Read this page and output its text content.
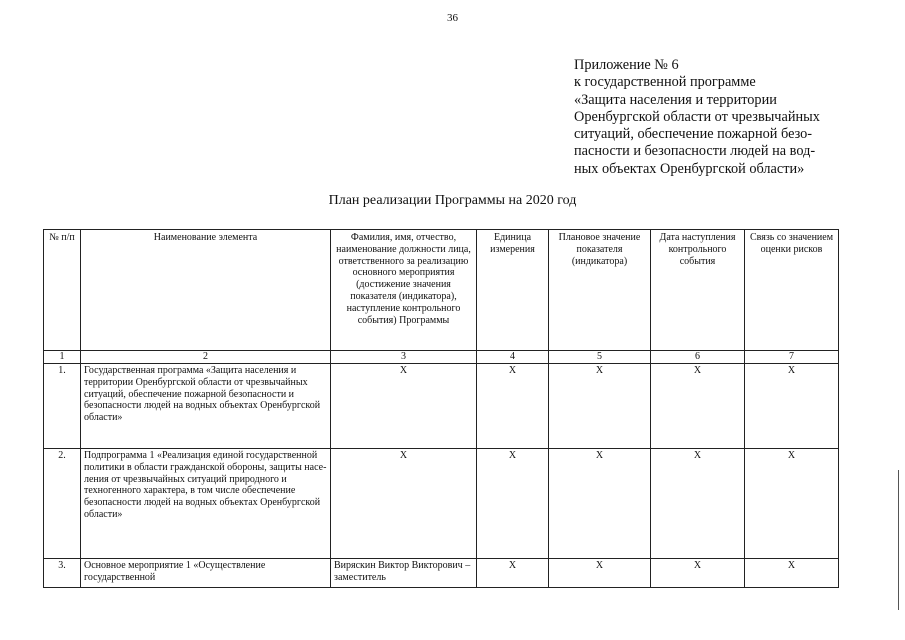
36
Приложение № 6
к государственной программе
«Защита населения и территории
Оренбургской области от чрезвычайных
ситуаций, обеспечение пожарной безо-
пасности и безопасности людей на вод-
ных объектах Оренбургской области»
План реализации Программы на 2020 год
№ п/п	Наименование элемента	Фамилия, имя, отчество, наименование должности лица, ответственного за реализацию основного мероприятия (достижение значения показателя (индикатора), наступление контрольного события) Программы	Единица измерения	Плановое значение показателя (индикатора)	Дата наступления контрольного события	Связь со значением оценки рисков
1	2	3	4	5	6	7
1.	Государственная программа «Защита населения и территории Оренбургской области от чрезвычайных ситуаций, обеспечение пожарной безопасности и безопасности людей на водных объектах Оренбургской области»	X	X	X	X	X
2.	Подпрограмма 1 «Реализация единой государственной политики в области гражданской обороны, защиты населения от чрезвычайных ситуаций природного и техногенного характера, в том числе обеспечение безопасности людей на водных объектах Оренбургской области»	X	X	X	X	X
3.	Основное мероприятие 1 «Осуществление государственной	Виряскин Виктор Викторович – заместитель	X	X	X	X
